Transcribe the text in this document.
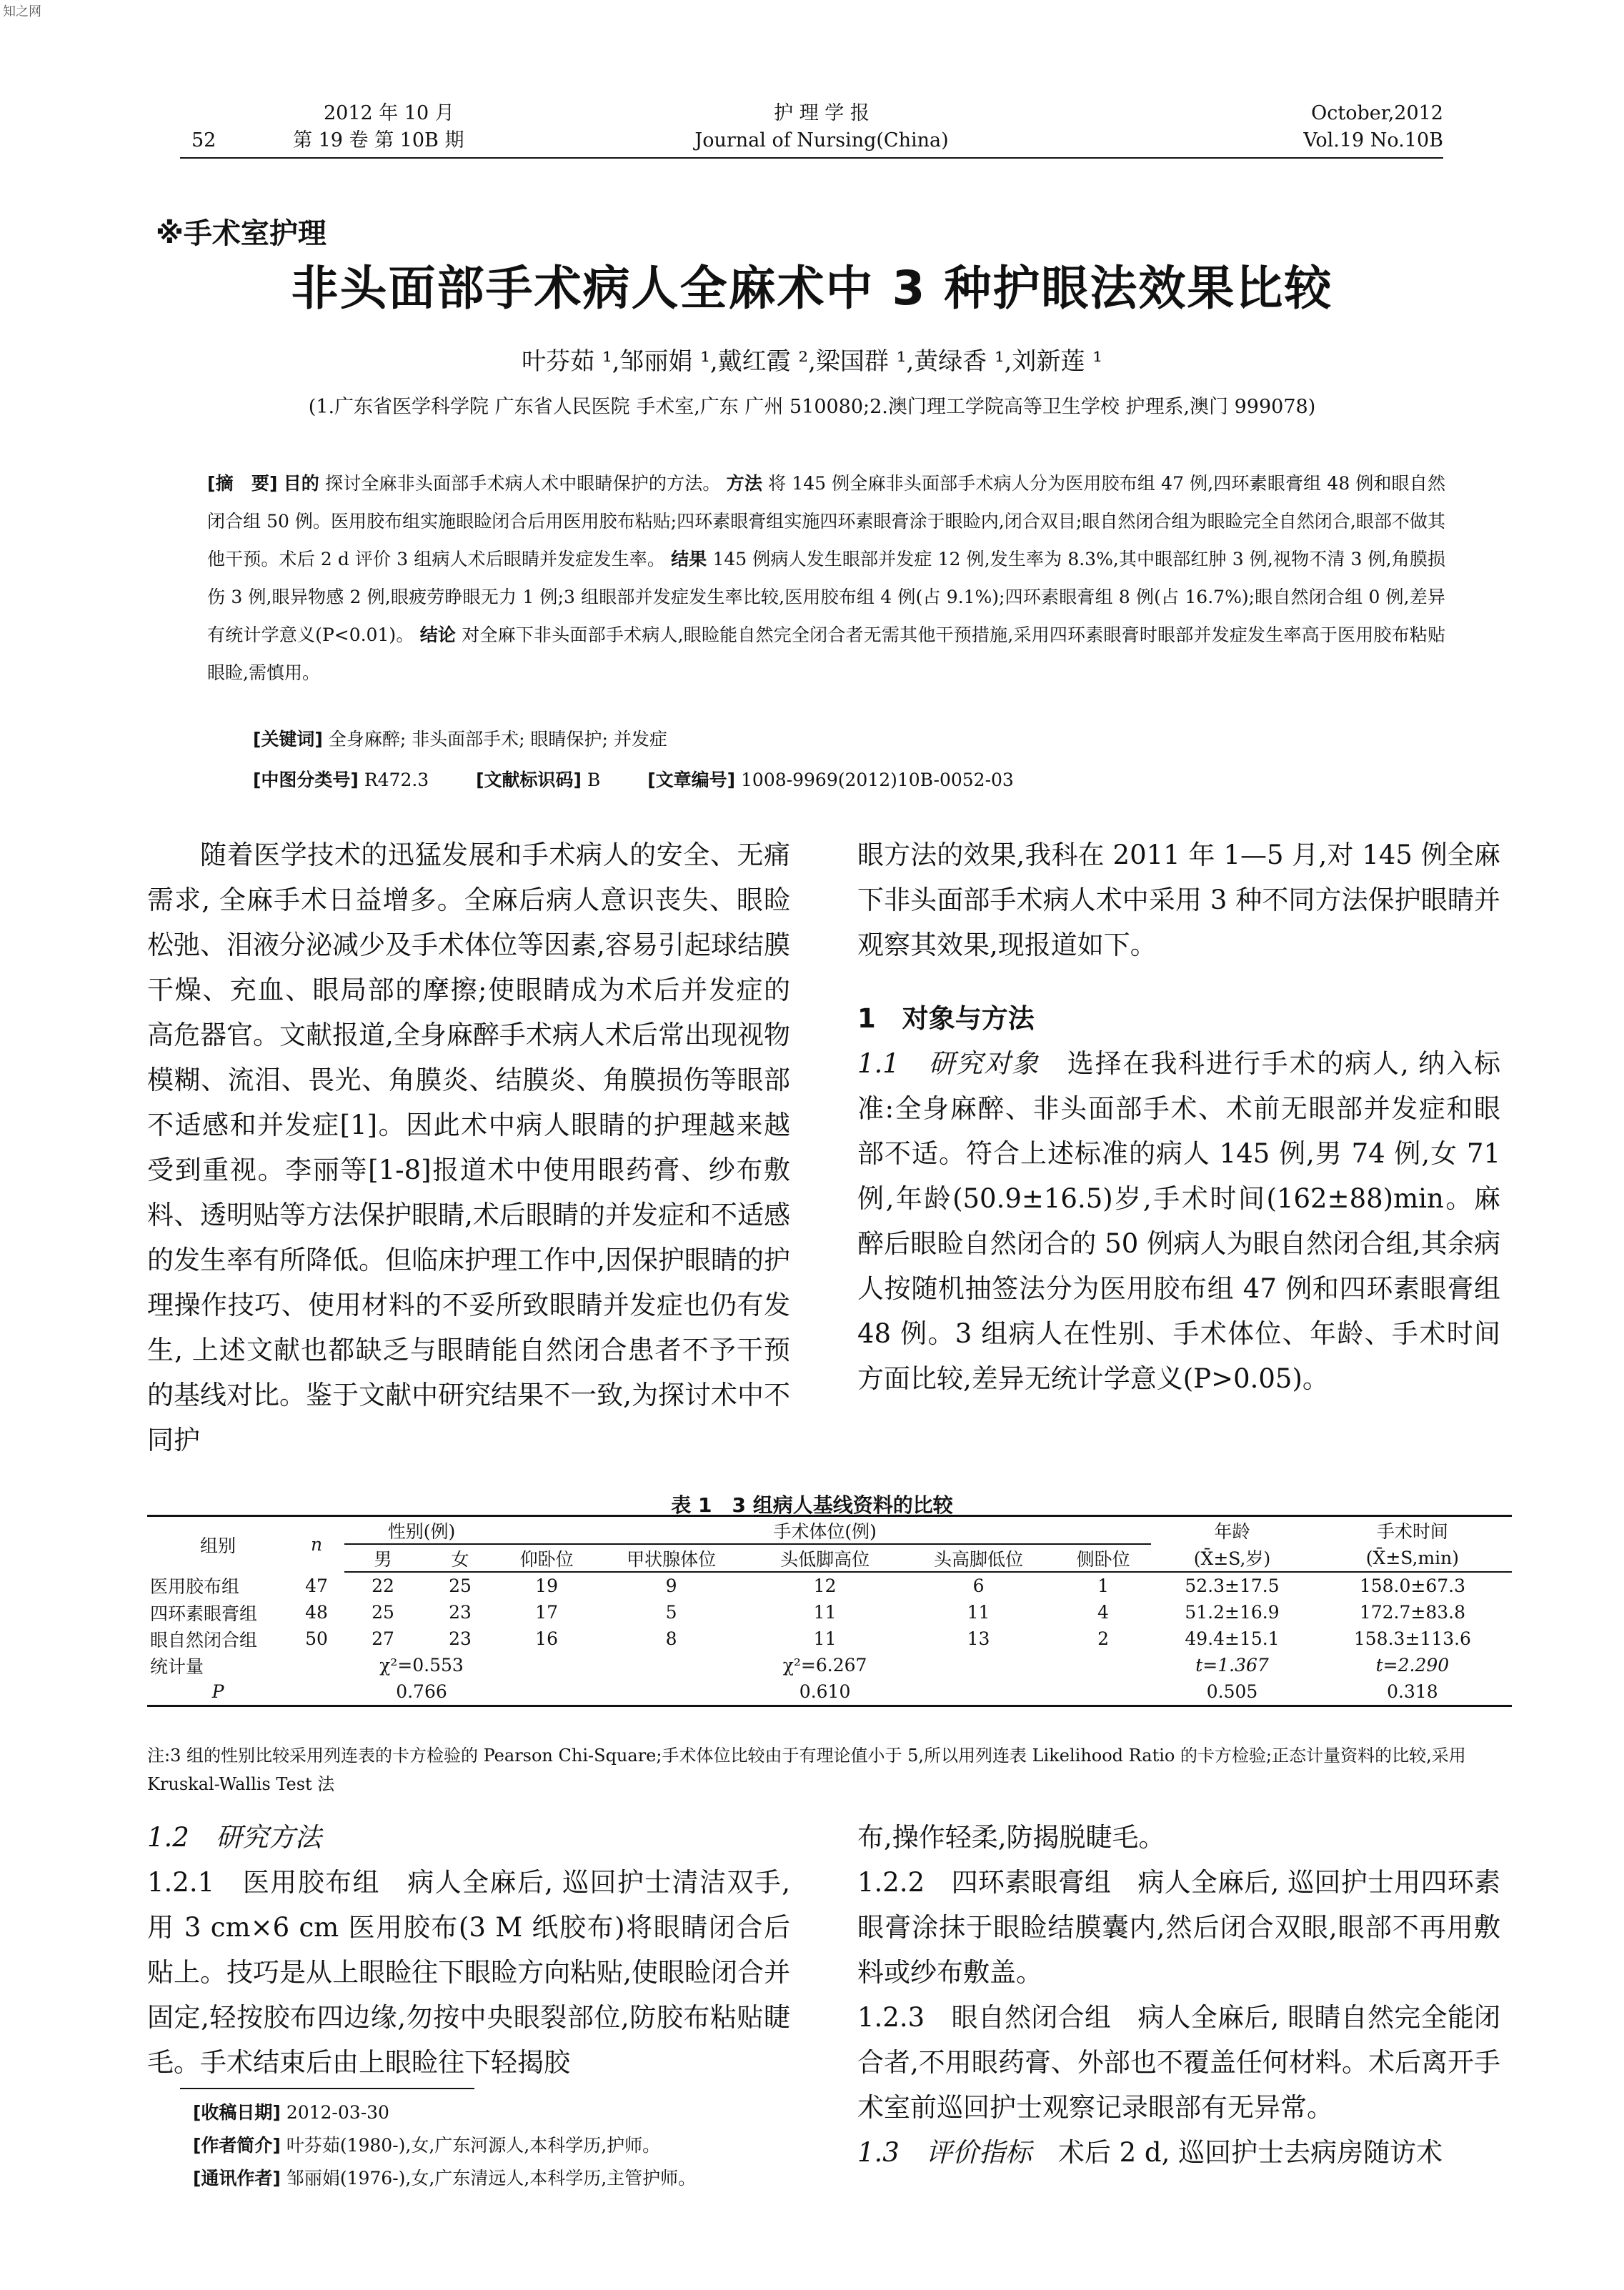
知之网
52
2012 年 10 月
第 19 卷 第 10B 期
护 理 学 报
Journal of Nursing(China)
October,2012
Vol.19 No.10B
※手术室护理
非头面部手术病人全麻术中 3 种护眼法效果比较
叶芬茹 ¹,邹丽娟 ¹,戴红霞 ²,梁国群 ¹,黄绿香 ¹,刘新莲 ¹
(1.广东省医学科学院 广东省人民医院 手术室,广东 广州 510080;2.澳门理工学院高等卫生学校 护理系,澳门 999078)
[摘　要] 目的 探讨全麻非头面部手术病人术中眼睛保护的方法。 方法 将 145 例全麻非头面部手术病人分为医用胶布组 47 例,四环素眼膏组 48 例和眼自然闭合组 50 例。医用胶布组实施眼睑闭合后用医用胶布粘贴;四环素眼膏组实施四环素眼膏涂于眼睑内,闭合双目;眼自然闭合组为眼睑完全自然闭合,眼部不做其他干预。术后 2 d 评价 3 组病人术后眼睛并发症发生率。 结果 145 例病人发生眼部并发症 12 例,发生率为 8.3%,其中眼部红肿 3 例,视物不清 3 例,角膜损伤 3 例,眼异物感 2 例,眼疲劳睁眼无力 1 例;3 组眼部并发症发生率比较,医用胶布组 4 例(占 9.1%);四环素眼膏组 8 例(占 16.7%);眼自然闭合组 0 例,差异有统计学意义(P<0.01)。 结论 对全麻下非头面部手术病人,眼睑能自然完全闭合者无需其他干预措施,采用四环素眼膏时眼部并发症发生率高于医用胶布粘贴眼睑,需慎用。
[关键词] 全身麻醉; 非头面部手术; 眼睛保护; 并发症
[中图分类号] R472.3	[文献标识码] B	[文章编号] 1008-9969(2012)10B-0052-03

随着医学技术的迅猛发展和手术病人的安全、无痛需求, 全麻手术日益增多。全麻后病人意识丧失、眼睑松弛、泪液分泌减少及手术体位等因素,容易引起球结膜干燥、充血、眼局部的摩擦;使眼睛成为术后并发症的高危器官。文献报道,全身麻醉手术病人术后常出现视物模糊、流泪、畏光、角膜炎、结膜炎、角膜损伤等眼部不适感和并发症[1]。因此术中病人眼睛的护理越来越受到重视。李丽等[1-8]报道术中使用眼药膏、纱布敷料、透明贴等方法保护眼睛,术后眼睛的并发症和不适感的发生率有所降低。但临床护理工作中,因保护眼睛的护理操作技巧、使用材料的不妥所致眼睛并发症也仍有发生, 上述文献也都缺乏与眼睛能自然闭合患者不予干预的基线对比。鉴于文献中研究结果不一致,为探讨术中不同护

眼方法的效果,我科在 2011 年 1—5 月,对 145 例全麻下非头面部手术病人术中采用 3 种不同方法保护眼睛并观察其效果,现报道如下。

1　对象与方法

1.1　研究对象　 选择在我科进行手术的病人, 纳入标准:全身麻醉、非头面部手术、术前无眼部并发症和眼部不适。符合上述标准的病人 145 例,男 74 例,女 71 例,年龄(50.9±16.5)岁,手术时间(162±88)min。麻醉后眼睑自然闭合的 50 例病人为眼自然闭合组,其余病人按随机抽签法分为医用胶布组 47 例和四环素眼膏组 48 例。3 组病人在性别、手术体位、年龄、手术时间方面比较,差异无统计学意义(P>0.05)。

表 1　3 组病人基线资料的比较
组别	n	性别(例)		手术体位(例)					年龄	手术时间
		男	女	仰卧位	甲状腺体位	头低脚高位	头高脚低位	侧卧位	(X̄±S,岁)	(X̄±S,min)
医用胶布组	47	22	25	19	9	12	6	1	52.3±17.5	158.0±67.3
四环素眼膏组	48	25	23	17	5	11	11	4	51.2±16.9	172.7±83.8
眼自然闭合组	50	27	23	16	8	11	13	2	49.4±15.1	158.3±113.6
统计量		χ²=0.553		χ²=6.267					t=1.367	t=2.290
P		0.766		0.610					0.505	0.318
注:3 组的性别比较采用列连表的卡方检验的 Pearson Chi-Square;手术体位比较由于有理论值小于 5,所以用列连表 Likelihood Ratio 的卡方检验;正态计量资料的比较,采用 Kruskal-Wallis Test 法

1.2　研究方法

1.2.1　医用胶布组　 病人全麻后, 巡回护士清洁双手,用 3 cm×6 cm 医用胶布(3 M 纸胶布)将眼睛闭合后贴上。技巧是从上眼睑往下眼睑方向粘贴,使眼睑闭合并固定,轻按胶布四边缘,勿按中央眼裂部位,防胶布粘贴睫毛。手术结束后由上眼睑往下轻揭胶

布,操作轻柔,防揭脱睫毛。

1.2.2　四环素眼膏组　 病人全麻后, 巡回护士用四环素眼膏涂抹于眼睑结膜囊内,然后闭合双眼,眼部不再用敷料或纱布敷盖。

1.2.3　眼自然闭合组　 病人全麻后, 眼睛自然完全能闭合者,不用眼药膏、外部也不覆盖任何材料。术后离开手术室前巡回护士观察记录眼部有无异常。

1.3　评价指标　 术后 2 d, 巡回护士去病房随访术

[收稿日期] 2012-03-30
[作者简介] 叶芬茹(1980-),女,广东河源人,本科学历,护师。
[通讯作者] 邹丽娟(1976-),女,广东清远人,本科学历,主管护师。
